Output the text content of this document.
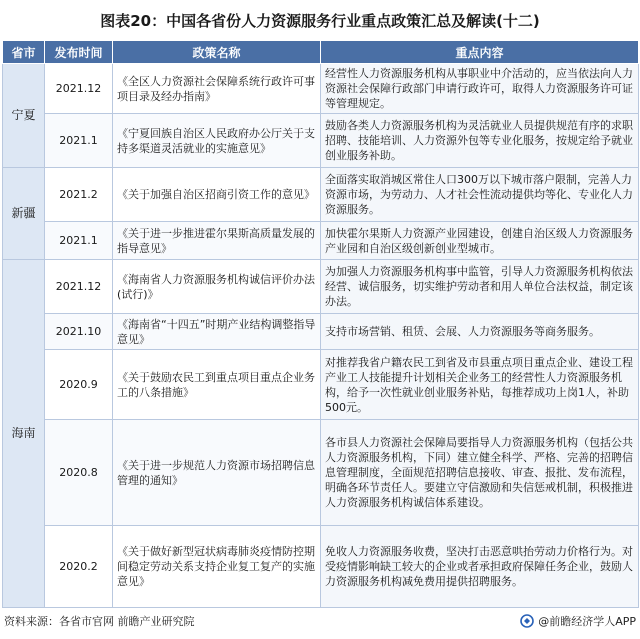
图表20：中国各省份人力资源服务行业重点政策汇总及解读(十二)
省市	发布时间	政策名称	重点内容
宁夏	2021.12	《全区人力资源社会保障系统行政许可事项目录及经办指南》	经营性人力资源服务机构从事职业中介活动的，应当依法向人力资源社会保障行政部门申请行政许可，取得人力资源服务许可证等管理规定。
	2021.1	《宁夏回族自治区人民政府办公厅关于支持多渠道灵活就业的实施意见》	鼓励各类人力资源服务机构为灵活就业人员提供规范有序的求职招聘、技能培训、人力资源外包等专业化服务，按规定给予就业创业服务补助。
新疆	2021.2	《关于加强自治区招商引资工作的意见》	全面落实取消城区常住人口300万以下城市落户限制，完善人力资源市场，为劳动力、人才社会性流动提供均等化、专业化人力资源服务。
	2021.1	《关于进一步推进霍尔果斯高质量发展的指导意见》	加快霍尔果斯人力资源产业园建设，创建自治区级人力资源服务产业园和自治区级创新创业型城市。
海南	2021.12	《海南省人力资源服务机构诚信评价办法(试行)》	为加强人力资源服务机构事中监管，引导人力资源服务机构依法经营、诚信服务，切实维护劳动者和用人单位合法权益，制定该办法。
	2021.10	《海南省“十四五”时期产业结构调整指导意见》	支持市场营销、租赁、会展、人力资源服务等商务服务。
	2020.9	《关于鼓励农民工到重点项目重点企业务工的八条措施》	对推荐我省户籍农民工到省及市县重点项目重点企业、建设工程产业工人技能提升计划相关企业务工的经营性人力资源服务机构，给予一次性就业创业服务补贴，每推荐成功上岗1人，补助500元。
	2020.8	《关于进一步规范人力资源市场招聘信息管理的通知》	各市县人力资源社会保障局要指导人力资源服务机构（包括公共人力资源服务机构，下同）建立健全科学、严格、完善的招聘信息管理制度，全面规范招聘信息接收、审查、报批、发布流程，明确各环节责任人。要建立守信激励和失信惩戒机制，积极推进人力资源服务机构诚信体系建设。
	2020.2	《关于做好新型冠状病毒肺炎疫情防控期间稳定劳动关系支持企业复工复产的实施意见》	免收人力资源服务收费，坚决打击恶意哄抬劳动力价格行为。对受疫情影响缺工较大的企业或者承担政府保障任务企业，鼓励人力资源服务机构减免费用提供招聘服务。
资料来源：各省市官网 前瞻产业研究院	@前瞻经济学人APP
